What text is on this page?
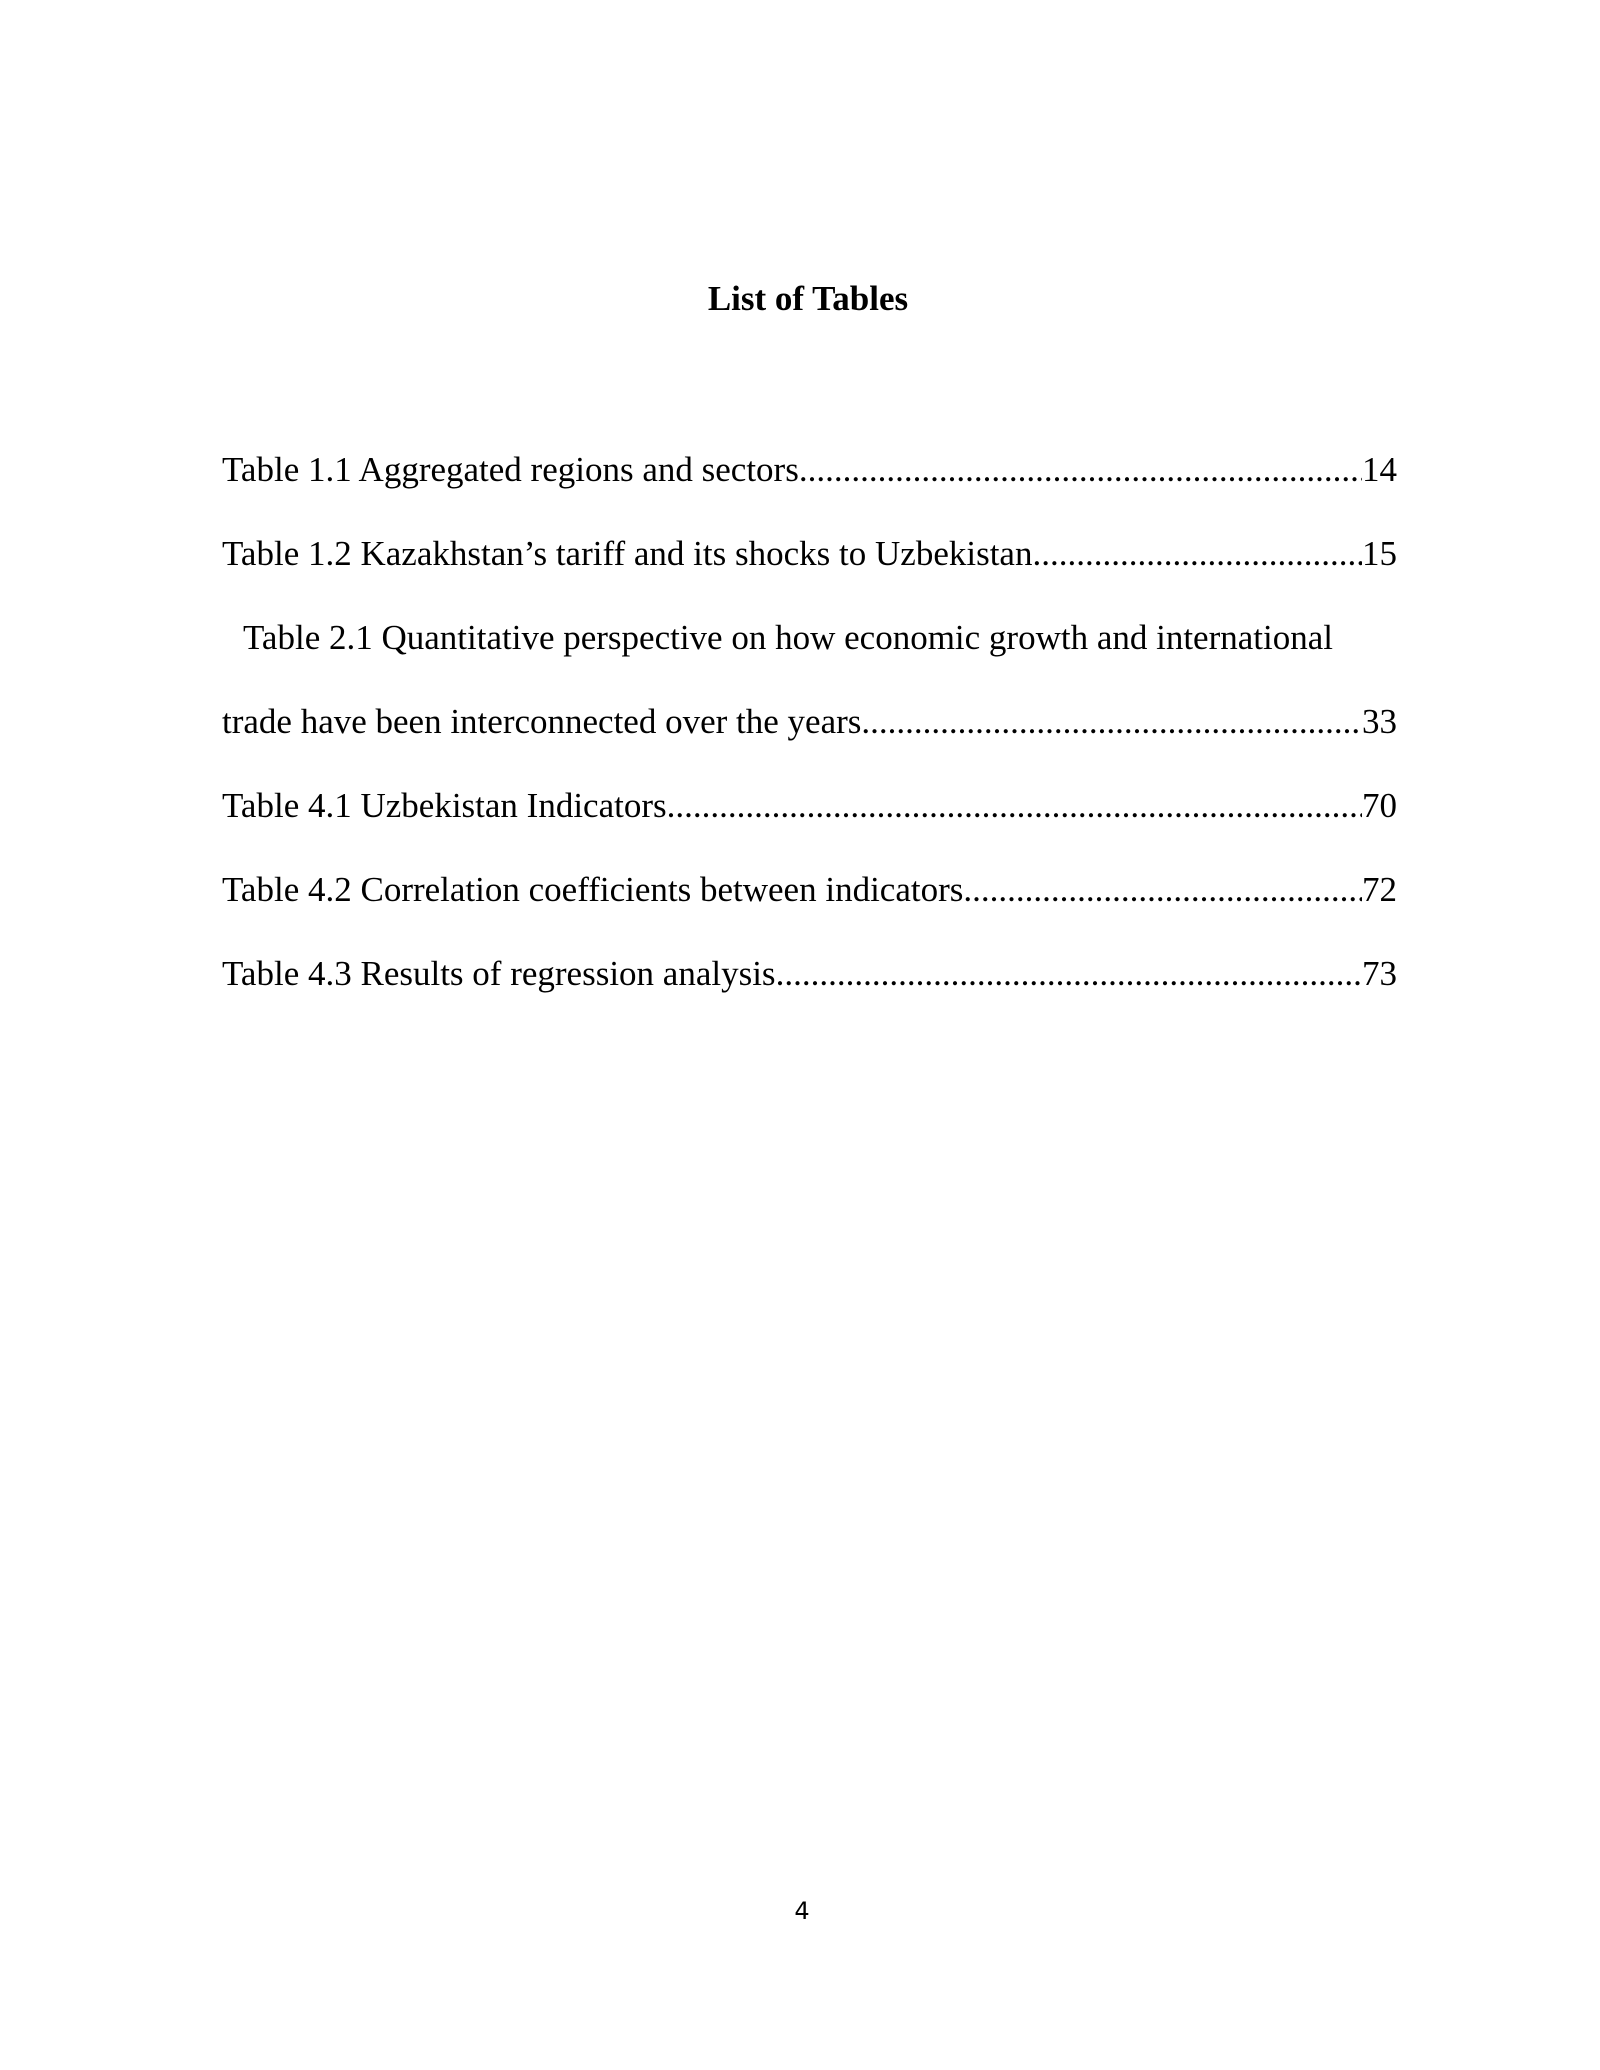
List of Tables
Table 1.1 Aggregated regions and sectors .....	14
Table 1.2 Kazakhstan’s tariff and its shocks to Uzbekistan .....	15
Table 2.1 Quantitative perspective on how economic growth and international
trade have been interconnected over the years .....	33
Table 4.1 Uzbekistan Indicators .....	70
Table 4.2 Correlation coefficients between indicators .....	72
Table 4.3 Results of regression analysis .....	73
4
